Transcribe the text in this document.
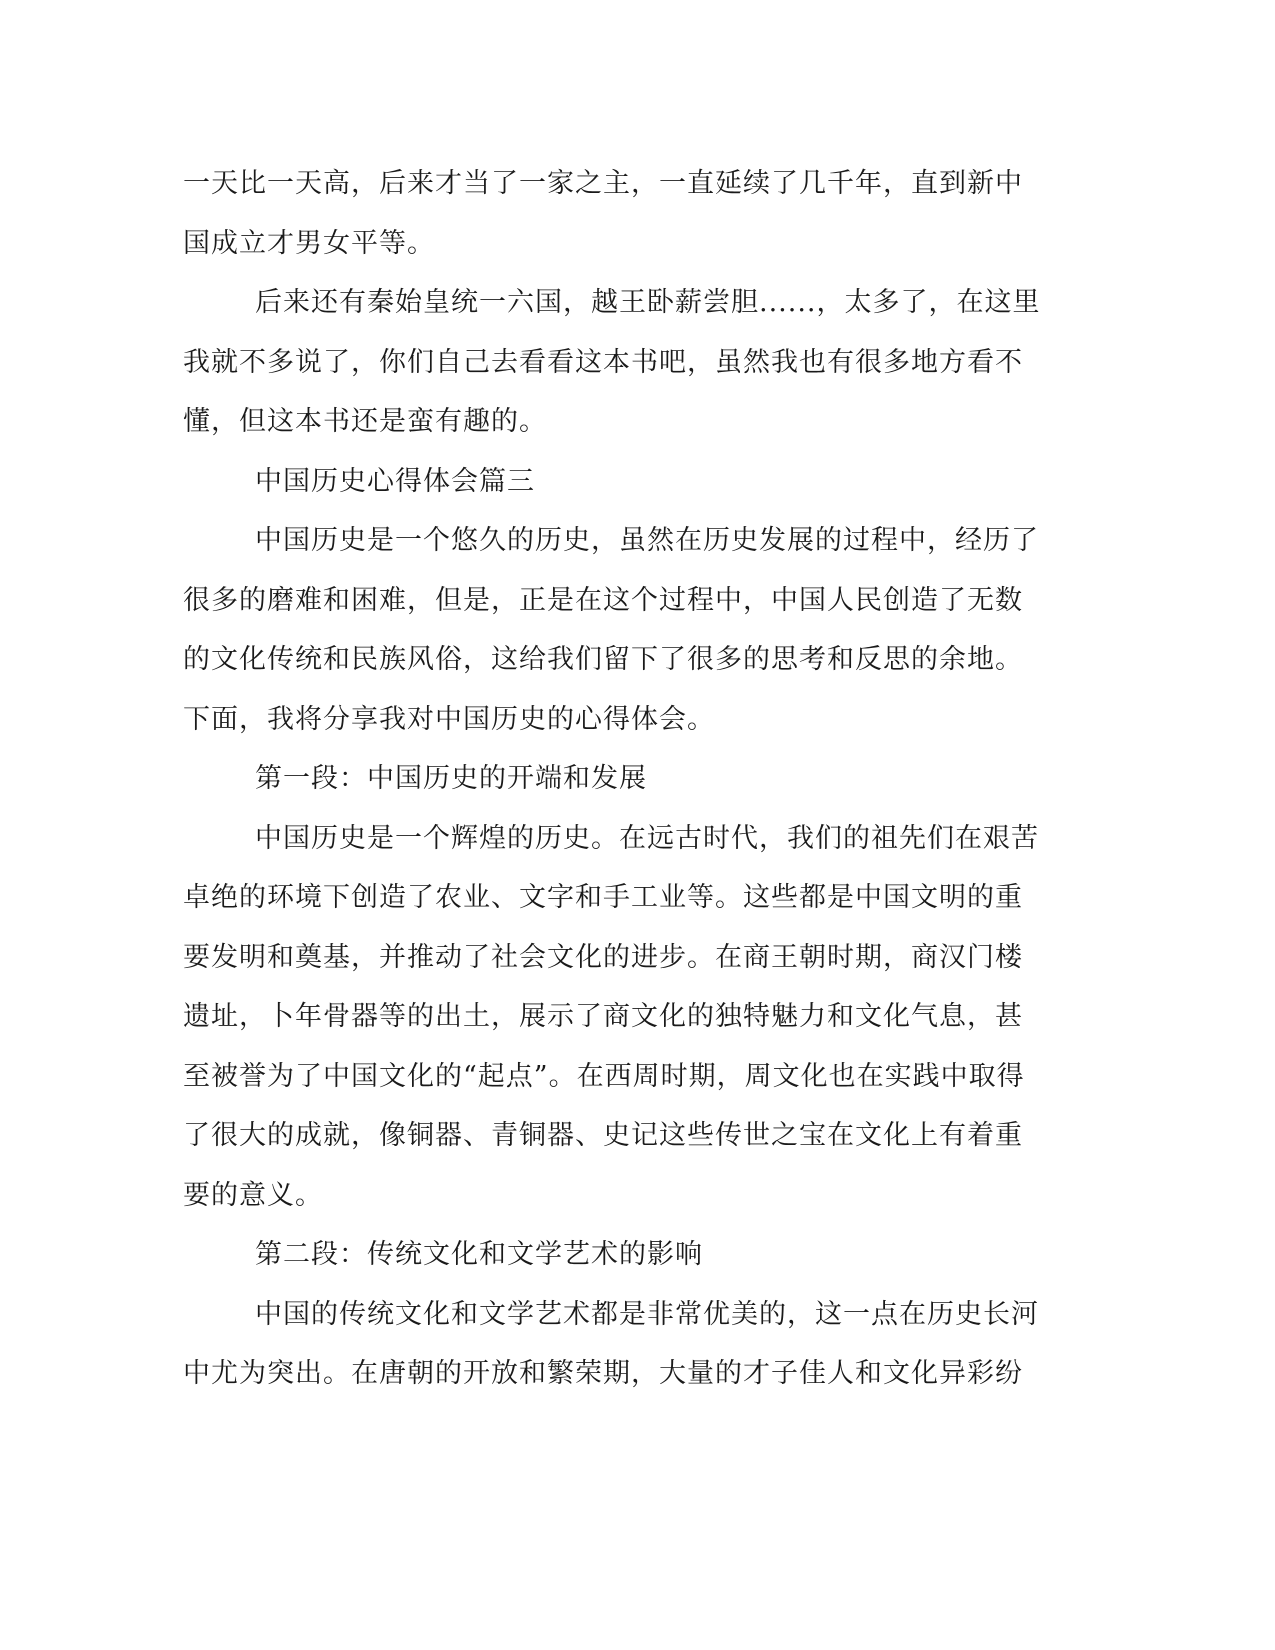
一天比一天高，后来才当了一家之主，一直延续了几千年，直到新中国成立才男女平等。

后来还有秦始皇统一六国，越王卧薪尝胆......，太多了，在这里我就不多说了，你们自己去看看这本书吧，虽然我也有很多地方看不懂，但这本书还是蛮有趣的。

中国历史心得体会篇三

中国历史是一个悠久的历史，虽然在历史发展的过程中，经历了很多的磨难和困难，但是，正是在这个过程中，中国人民创造了无数的文化传统和民族风俗，这给我们留下了很多的思考和反思的余地。下面，我将分享我对中国历史的心得体会。

第一段：中国历史的开端和发展

中国历史是一个辉煌的历史。在远古时代，我们的祖先们在艰苦卓绝的环境下创造了农业、文字和手工业等。这些都是中国文明的重要发明和奠基，并推动了社会文化的进步。在商王朝时期，商汉门楼遗址，卜年骨器等的出土，展示了商文化的独特魅力和文化气息，甚至被誉为了中国文化的“起点”。在西周时期，周文化也在实践中取得了很大的成就，像铜器、青铜器、史记这些传世之宝在文化上有着重要的意义。

第二段：传统文化和文学艺术的影响

中国的传统文化和文学艺术都是非常优美的，这一点在历史长河中尤为突出。在唐朝的开放和繁荣期，大量的才子佳人和文化异彩纷
